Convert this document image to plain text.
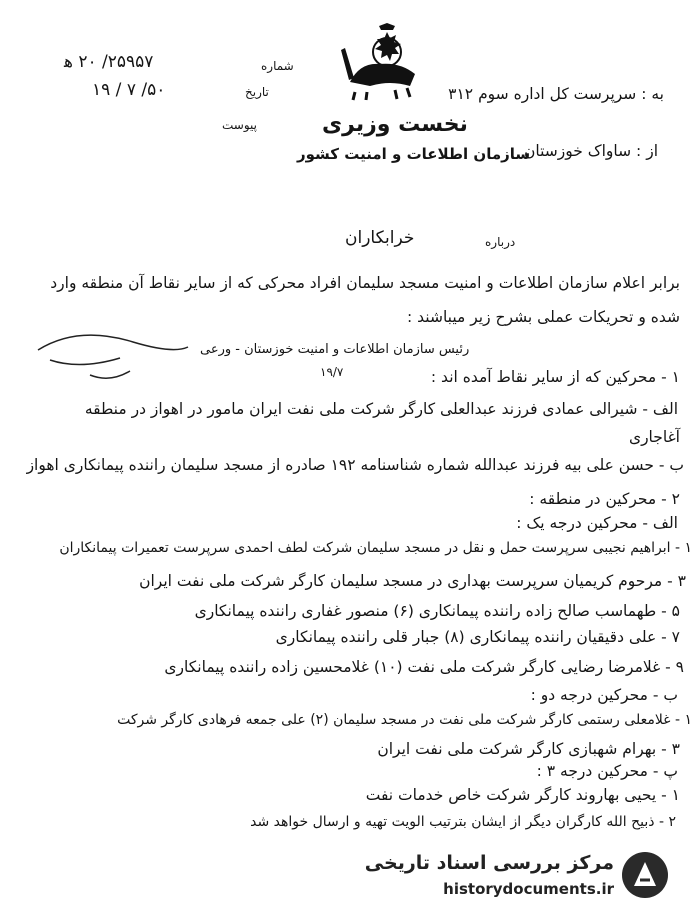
شماره
۲۵۹۵۷/ ۲۰ ه‍
تاریخ
۵۰/ ۷ / ۱۹
پیوست	نخست وزیری
سازمان اطلاعات و امنیت کشور
به : سرپرست کل اداره سوم ۳۱۲
از : ساواک خوزستان
درباره
خرابکاران
برابر اعلام سازمان اطلاعات و امنیت مسجد سلیمان افراد محرکی که از سایر نقاط آن منطقه وارد
شده و تحریکات عملی بشرح زیر میباشند :
رئیس سازمان اطلاعات و امنیت خوزستان - ورعی
۱۹/۷	۱ - محرکین که از سایر نقاط آمده اند :
الف - شیرالی عمادی فرزند عبدالعلی کارگر شرکت ملی نفت ایران مامور در اهواز در منطقه
آغاجاری
ب - حسن علی بیه فرزند عبدالله شماره شناسنامه ۱۹۲ صادره از مسجد سلیمان راننده پیمانکاری اهواز
۲ - محرکین در منطقه :
الف - محرکین درجه یک :
۱ - ابراهیم نجیبی سرپرست حمل و نقل در مسجد سلیمان شرکت لطف احمدی سرپرست تعمیرات پیمانکاران
۳ - مرحوم کریمیان سرپرست بهداری در مسجد سلیمان کارگر شرکت ملی نفت ایران
۵ - طهماسب صالح زاده راننده پیمانکاری (۶) منصور غفاری راننده پیمانکاری
۷ - علی دقیقیان راننده پیمانکاری (۸) جبار قلی راننده پیمانکاری
۹ - غلامرضا رضایی کارگر شرکت ملی نفت (۱۰) غلامحسین زاده راننده پیمانکاری
ب - محرکین درجه دو :
۱ - غلامعلی رستمی کارگر شرکت ملی نفت در مسجد سلیمان (۲) علی جمعه فرهادی کارگر شرکت
۳ - بهرام شهبازی کارگر شرکت ملی نفت ایران
پ - محرکین درجه ۳ :
۱ - یحیی بهاروند کارگر شرکت خاص خدمات نفت
۲ - ذبیح الله کارگران دیگر از ایشان بترتیب الویت تهیه و ارسال خواهد شد
مرکز بررسی اسناد تاریخی
historydocuments.ir
